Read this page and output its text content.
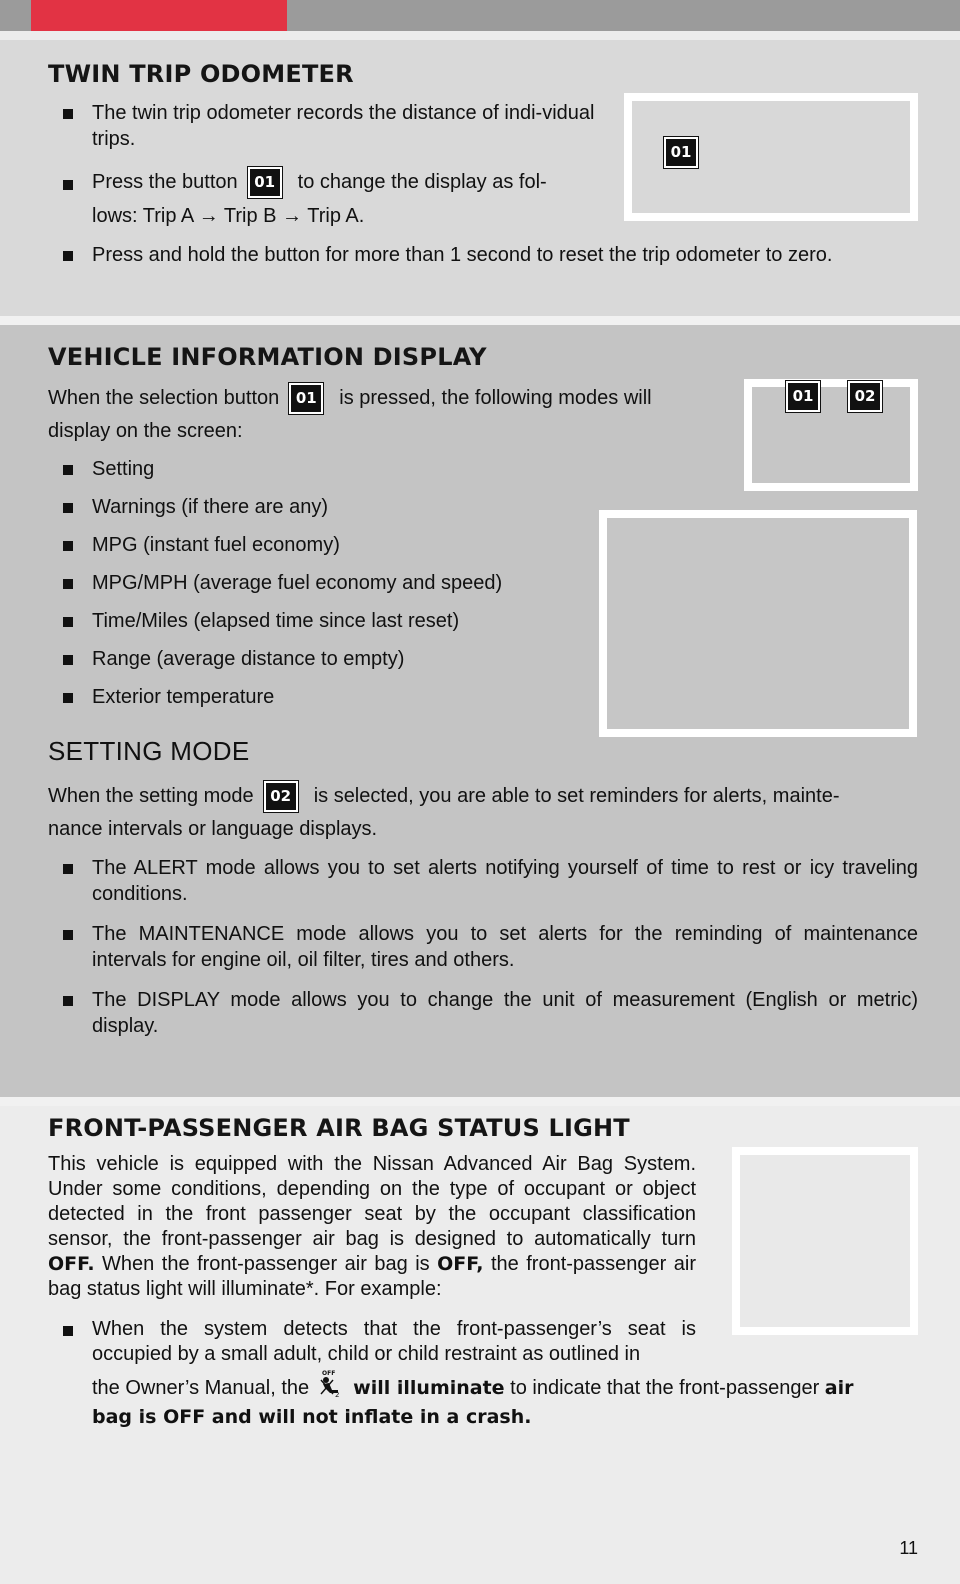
TWIN TRIP ODOMETER
The twin trip odometer records the distance of indi-vidual trips.
Press the button 01 to change the display as fol-
lows: Trip A → Trip B → Trip A.
Press and hold the button for more than 1 second to reset the trip odometer to zero.
01
VEHICLE INFORMATION DISPLAY

When the selection button 01 is pressed, the following modes will

display on the screen:

Setting
Warnings (if there are any)
MPG (instant fuel economy)
MPG/MPH (average fuel economy and speed)
Time/Miles (elapsed time since last reset)
Range (average distance to empty)
Exterior temperature
01	02
SETTING MODE

When the setting mode 02 is selected, you are able to set reminders for alerts, mainte-

nance intervals or language displays.

The ALERT mode allows you to set alerts notifying yourself of time to rest or icy traveling conditions.
The MAINTENANCE mode allows you to set alerts for the reminding of maintenance intervals for engine oil, oil filter, tires and others.
The DISPLAY mode allows you to change the unit of measurement (English or metric) display.
FRONT-PASSENGER AIR BAG STATUS LIGHT

This vehicle is equipped with the Nissan Advanced Air Bag System. Under some conditions, depending on the type of occupant or object detected in the front passenger seat by the occupant classification sensor, the front-passenger air bag is designed to automatically turn OFF. When the front-passenger air bag is OFF, the front-passenger air bag status light will illuminate*. For example:

When the system detects that the front-passenger’s seat is occupied by a small adult, child or child restraint as outlined in

the Owner’s Manual, the
OFF
2 will illuminate to indicate that the front-passenger air

bag is OFF and will not inflate in a crash.

11
